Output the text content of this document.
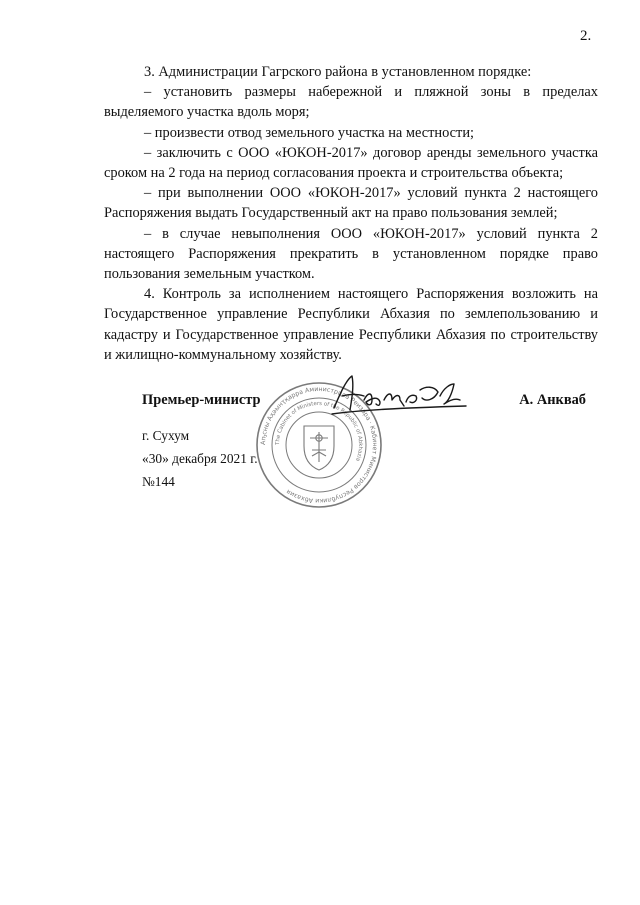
2.

3. Администрации Гагрского района в установленном порядке:

– установить размеры набережной и пляжной зоны в пределах выделяемого участка вдоль моря;

– произвести отвод земельного участка на местности;

– заключить с ООО «ЮКОН-2017» договор аренды земельного участка сроком на 2 года на период согласования проекта и строительства объекта;

– при выполнении ООО «ЮКОН-2017» условий пункта 2 настоящего Распоряжения выдать Государственный акт на право пользования землей;

– в случае невыполнения ООО «ЮКОН-2017» условий пункта 2 настоящего Распоряжения прекратить в установленном порядке право пользования земельным участком.

4. Контроль за исполнением настоящего Распоряжения возложить на Государственное управление Республики Абхазия по землепользованию и кадастру и Государственное управление Республики Абхазия по строительству и жилищно-коммунальному хозяйству.

Аҧсны Аҳәынҭқарра Аминистрцәа Реизара · Кабинет Министров Республики Абхазия
The Cabinet of Ministers of the Republic of Abkhazia
Премьер-министр	А. Анкваб
г. Сухум
«30» декабря 2021 г.
№144
